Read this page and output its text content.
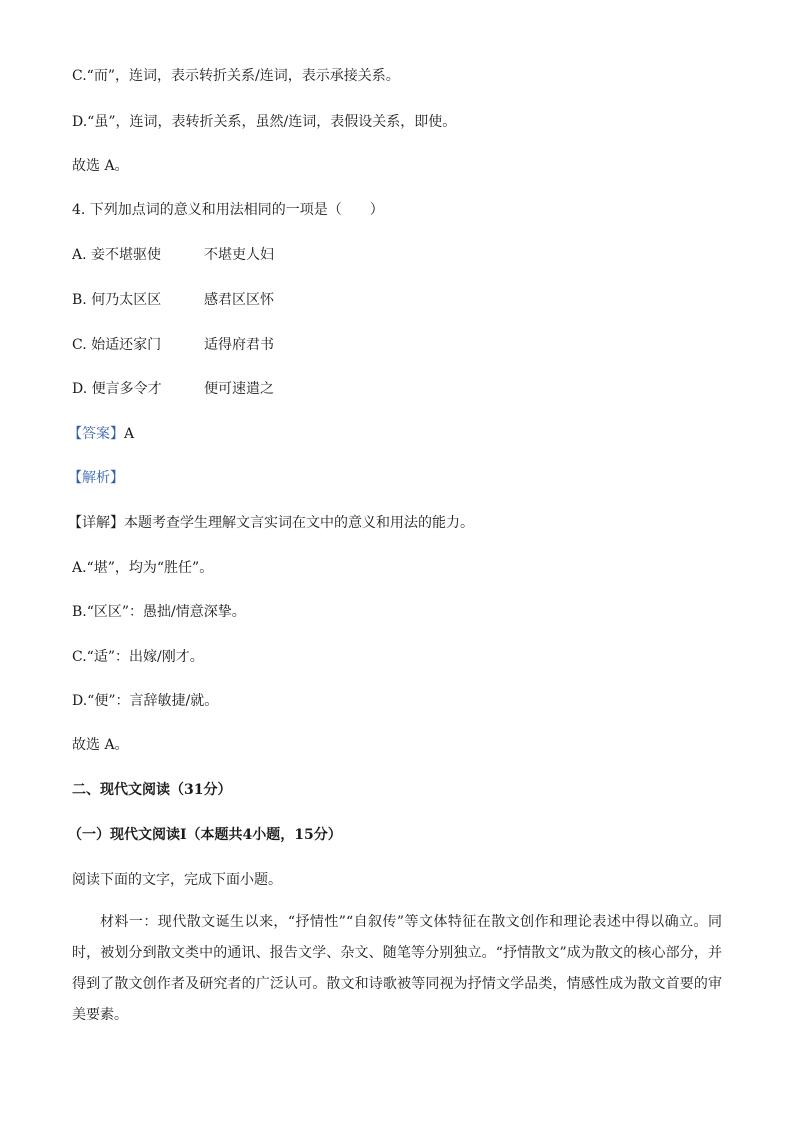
C.“而”，连词，表示转折关系/连词，表示承接关系。
D.“虽”，连词，表转折关系，虽然/连词，表假设关系，即使。
故选 A。
4. 下列加点词的意义和用法相同的一项是（　　）
A. 妾不堪驱使	不堪吏人妇
B. 何乃太区区	感君区区怀
C. 始适还家门	适得府君书
D. 便言多令才	便可速遣之
【答案】A
【解析】
【详解】本题考查学生理解文言实词在文中的意义和用法的能力。
A.“堪”，均为“胜任”。
B.“区区”：愚拙/情意深挚。
C.“适”：出嫁/刚才。
D.“便”：言辞敏捷/就。
故选 A。
二、现代文阅读（31分）
（一）现代文阅读Ⅰ（本题共4小题，15分）
阅读下面的文字，完成下面小题。
材料一：现代散文诞生以来，“抒情性”“自叙传”等文体特征在散文创作和理论表述中得以确立。同时，被划分到散文类中的通讯、报告文学、杂文、随笔等分别独立。“抒情散文”成为散文的核心部分，并得到了散文创作者及研究者的广泛认可。散文和诗歌被等同视为抒情文学品类，情感性成为散文首要的审美要素。
